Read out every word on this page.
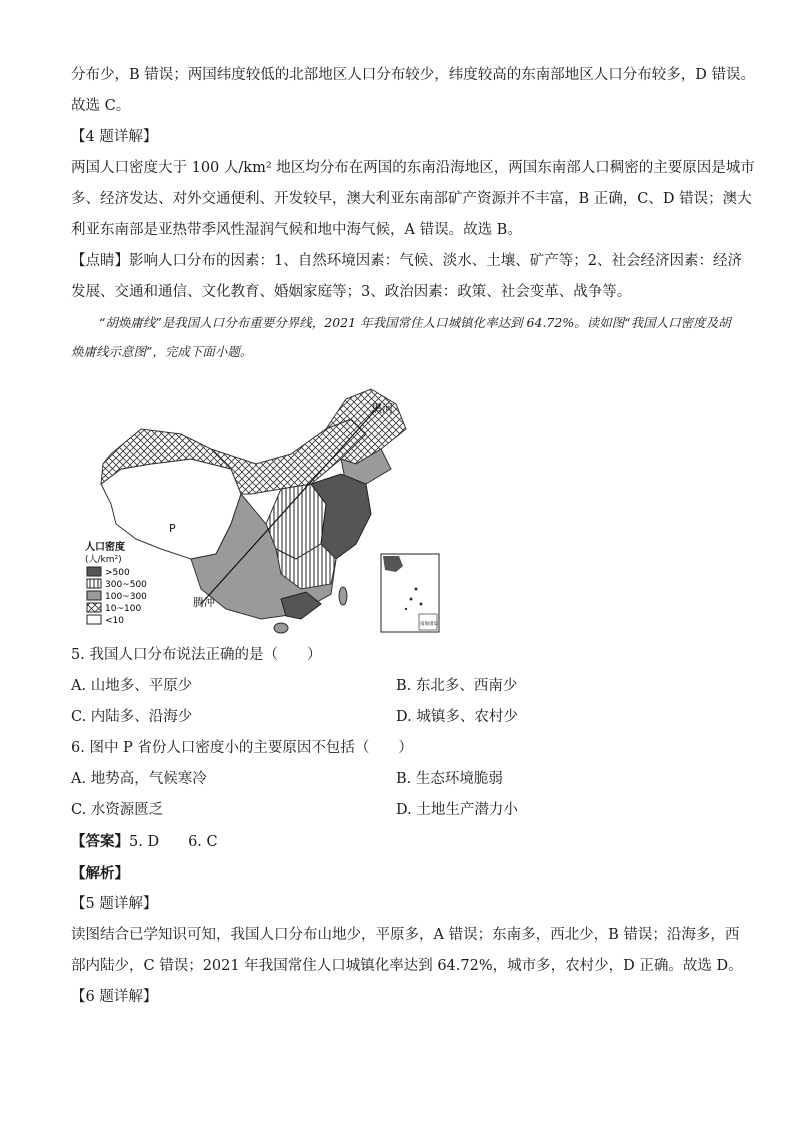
分布少，B 错误；两国纬度较低的北部地区人口分布较少，纬度较高的东南部地区人口分布较多，D 错误。

故选 C。

【4 题详解】

两国人口密度大于 100 人/km² 地区均分布在两国的东南沿海地区，两国东南部人口稠密的主要原因是城市

多、经济发达、对外交通便利、开发较早，澳大利亚东南部矿产资源并不丰富，B 正确，C、D 错误；澳大

利亚东南部是亚热带季风性湿润气候和地中海气候，A 错误。故选 B。

【点睛】影响人口分布的因素：1、自然环境因素：气候、淡水、土壤、矿产等；2、社会经济因素：经济

发展、交通和通信、文化教育、婚姻家庭等；3、政治因素：政策、社会变革、战争等。

“胡焕庸线”是我国人口分布重要分界线，2021 年我国常住人口城镇化率达到 64.72%。读如图“我国人口密度及胡焕庸线示意图”，完成下面小题。

黑河
P
腾冲
人口密度
(人/km²)
>500
300~500
100~300
10~100
<10	南海诸岛

5. 我国人口分布说法正确的是（　　）

A. 山地多、平原少	B. 东北多、西南少
C. 内陆多、沿海少	D. 城镇多、农村少

6. 图中 P 省份人口密度小的主要原因不包括（　　）

A. 地势高，气候寒冷	B. 生态环境脆弱
C. 水资源匮乏	D. 土地生产潜力小

【答案】5. D　　6. C

【解析】

【5 题详解】

读图结合已学知识可知，我国人口分布山地少，平原多，A 错误；东南多，西北少，B 错误；沿海多，西

部内陆少，C 错误；2021 年我国常住人口城镇化率达到 64.72%，城市多，农村少，D 正确。故选 D。

【6 题详解】
